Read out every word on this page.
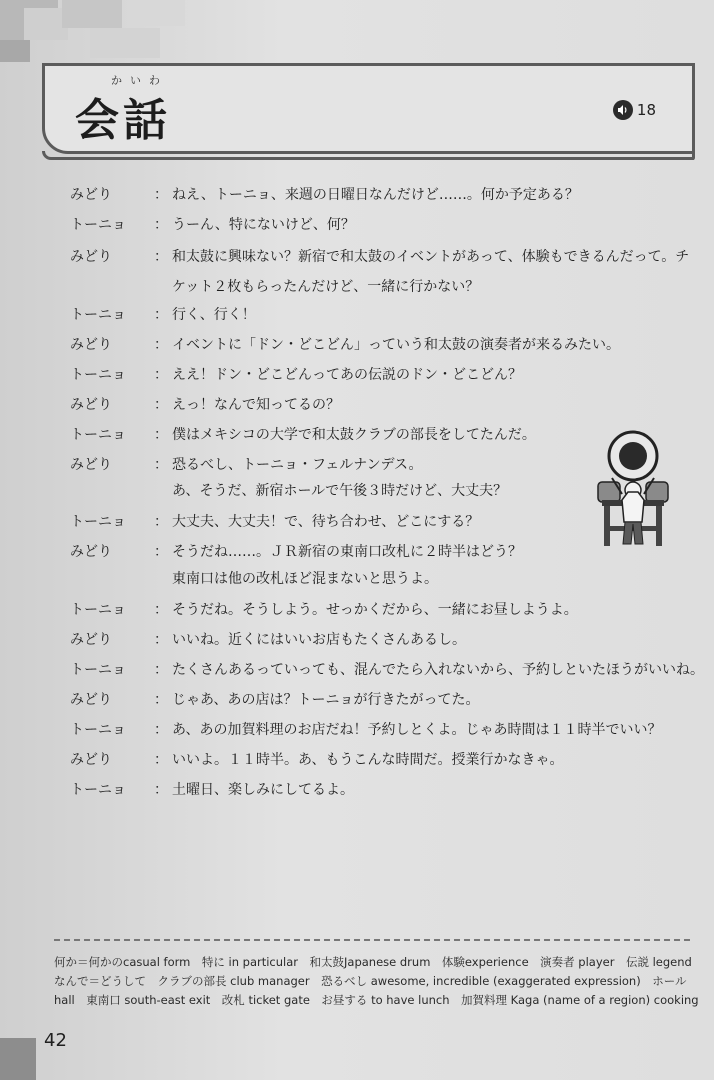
かいわ
会話	18
みどり	： ねえ、トーニョ、来週の日曜日なんだけど……。何か予定ある？
トーニョ	： うーん、特にないけど、何？
みどり	： 和太鼓に興味ない？新宿で和太鼓のイベントがあって、体験もできるんだって。チケット２枚もらったんだけど、一緒に行かない？
トーニョ	： 行く、行く！
みどり	： イベントに「ドン・どこどん」っていう和太鼓の演奏者が来るみたい。
トーニョ	： ええ！ドン・どこどんってあの伝説のドン・どこどん？
みどり	： えっ！なんで知ってるの？
トーニョ	： 僕はメキシコの大学で和太鼓クラブの部長をしてたんだ。
みどり	： 恐るべし、トーニョ・フェルナンデス。
あ、そうだ、新宿ホールで午後３時だけど、大丈夫？
トーニョ	： 大丈夫、大丈夫！で、待ち合わせ、どこにする？
みどり	： そうだね……。ＪＲ新宿の東南口改札に２時半はどう？
東南口は他の改札ほど混まないと思うよ。
トーニョ	： そうだね。そうしよう。せっかくだから、一緒にお昼しようよ。
みどり	： いいね。近くにはいいお店もたくさんあるし。
トーニョ	： たくさんあるっていっても、混んでたら入れないから、予約しといたほうがいいね。
みどり	： じゃあ、あの店は？トーニョが行きたがってた。
トーニョ	： あ、あの加賀料理のお店だね！予約しとくよ。じゃあ時間は１１時半でいい？
みどり	： いいよ。１１時半。あ、もうこんな時間だ。授業行かなきゃ。
トーニョ	： 土曜日、楽しみにしてるよ。
何か＝何かのcasual form　特に in particular　和太鼓Japanese drum　体験experience　演奏者 player　伝説 legend
なんで＝どうして　クラブの部長 club manager　恐るべし awesome, incredible (exaggerated expression)　ホール
hall　東南口 south-east exit　改札 ticket gate　お昼する to have lunch　加賀料理 Kaga (name of a region) cooking
42
